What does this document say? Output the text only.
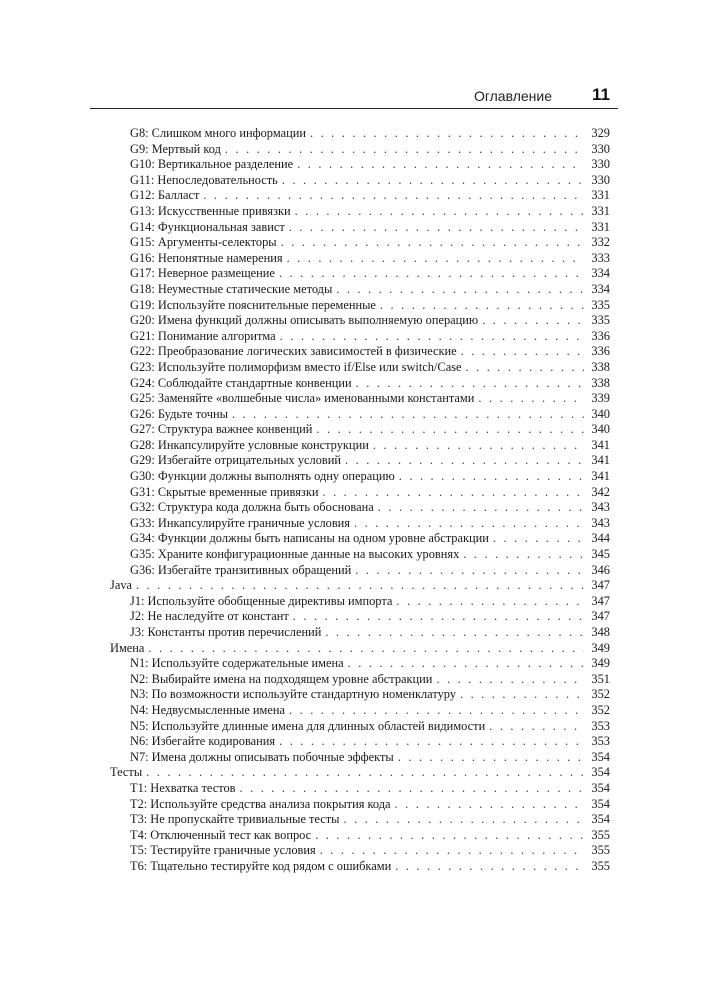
Оглавление 11
G8: Слишком много информации . . .	329
G9: Мертвый код . . .	330
G10: Вертикальное разделение . . .	330
G11: Непоследовательность . . .	330
G12: Балласт . . .	331
G13: Искусственные привязки . . .	331
G14: Функциональная завист . . .	331
G15: Аргументы-селекторы . . .	332
G16: Непонятные намерения . . .	333
G17: Неверное размещение . . .	334
G18: Неуместные статические методы . . .	334
G19: Используйте пояснительные переменные . . .	335
G20: Имена функций должны описывать выполняемую операцию . . .	335
G21: Понимание алгоритма . . .	336
G22: Преобразование логических зависимостей в физические . . .	336
G23: Используйте полиморфизм вместо if/Else или switch/Case . . .	338
G24: Соблюдайте стандартные конвенции . . .	338
G25: Заменяйте «волшебные числа» именованными константами . . .	339
G26: Будьте точны . . .	340
G27: Структура важнее конвенций . . .	340
G28: Инкапсулируйте условные конструкции . . .	341
G29: Избегайте отрицательных условий . . .	341
G30: Функции должны выполнять одну операцию . . .	341
G31: Скрытые временные привязки . . .	342
G32: Структура кода должна быть обоснована . . .	343
G33: Инкапсулируйте граничные условия . . .	343
G34: Функции должны быть написаны на одном уровне абстракции . . .	344
G35: Храните конфигурационные данные на высоких уровнях . . .	345
G36: Избегайте транзитивных обращений . . .	346
Java . . .	347
J1: Используйте обобщенные директивы импорта . . .	347
J2: Не наследуйте от констант . . .	347
J3: Константы против перечислений . . .	348
Имена . . .	349
N1: Используйте содержательные имена . . .	349
N2: Выбирайте имена на подходящем уровне абстракции . . .	351
N3: По возможности используйте стандартную номенклатуру . . .	352
N4: Недвусмысленные имена . . .	352
N5: Используйте длинные имена для длинных областей видимости . . .	353
N6: Избегайте кодирования . . .	353
N7: Имена должны описывать побочные эффекты . . .	354
Тесты . . .	354
T1: Нехватка тестов . . .	354
T2: Используйте средства анализа покрытия кода . . .	354
T3: Не пропускайте тривиальные тесты . . .	354
T4: Отключенный тест как вопрос . . .	355
T5: Тестируйте граничные условия . . .	355
T6: Тщательно тестируйте код рядом с ошибками . . .	355
